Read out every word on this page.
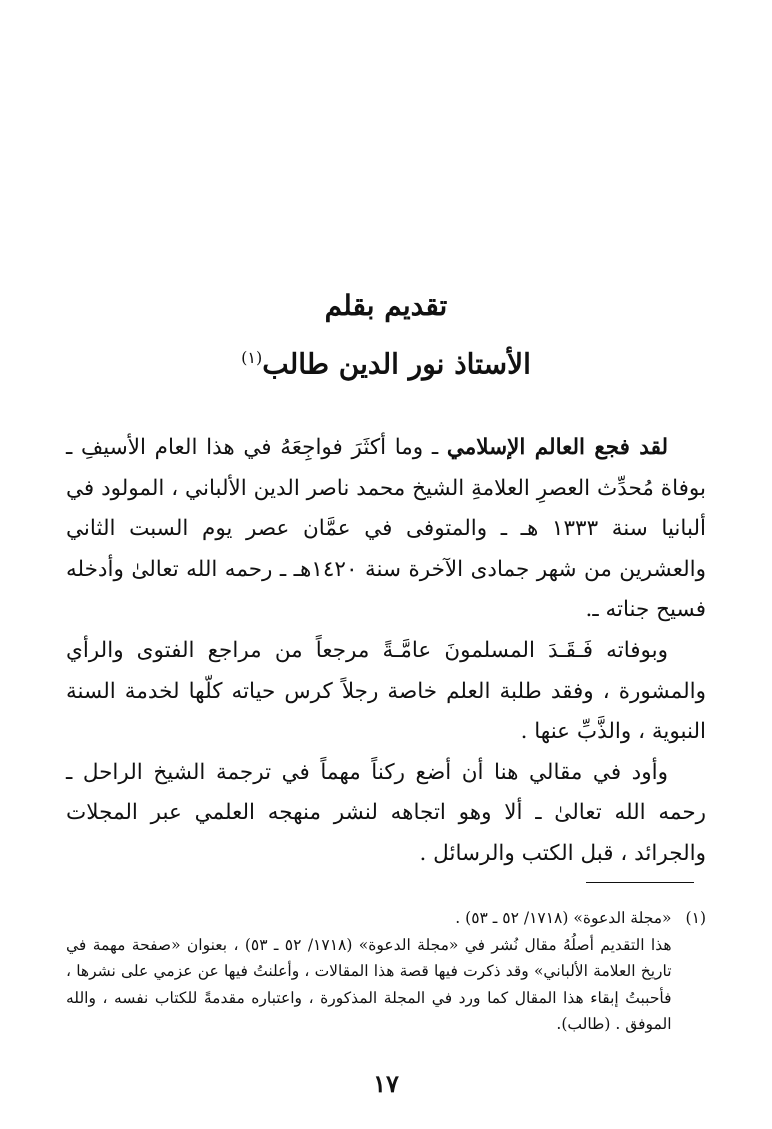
تقديم بقلم
الأستاذ نور الدين طالب$^{(١)}$

لقد فجع العالم الإسلامي ـ وما أكثَرَ فواجِعَهُ في هذا العام الأسيفِ ـ بوفاة مُحدِّث العصرِ العلامةِ الشيخ محمد ناصر الدين الألباني ، المولود في ألبانيا سنة ١٣٣٣ هـ ـ والمتوفى في عمَّان عصر يوم السبت الثاني والعشرين من شهر جمادى الآخرة سنة ١٤٢٠هـ ـ رحمه الله تعالىٰ وأدخله فسيح جناته ـ.

وبوفاته فَـقَـدَ المسلمونَ عامَّـةً مرجعاً من مراجع الفتوى والرأي والمشورة ، وفقد طلبة العلم خاصة رجلاً كرس حياته كلّها لخدمة السنة النبوية ، والذَّبِّ عنها .

وأود في مقالي هنا أن أضع ركناً مهماً في ترجمة الشيخ الراحل ـ رحمه الله تعالىٰ ـ ألا وهو اتجاهه لنشر منهجه العلمي عبر المجلات والجرائد ، قبل الكتب والرسائل .

(١)

«مجلة الدعوة» (١٧١٨/ ٥٢ ـ ٥٣) .

هذا التقديم أصلُهُ مقال نُشر في «مجلة الدعوة» (١٧١٨/ ٥٢ ـ ٥٣) ، بعنوان «صفحة مهمة في تاريخ العلامة الألباني» وقد ذكرت فيها قصة هذا المقالات ، وأعلنتُ فيها عن عزمي على نشرها ، فأحببتُ إبقاء هذا المقال كما ورد في المجلة المذكورة ، واعتباره مقدمةً للكتاب نفسه ، والله الموفق . (طالب).

١٧
